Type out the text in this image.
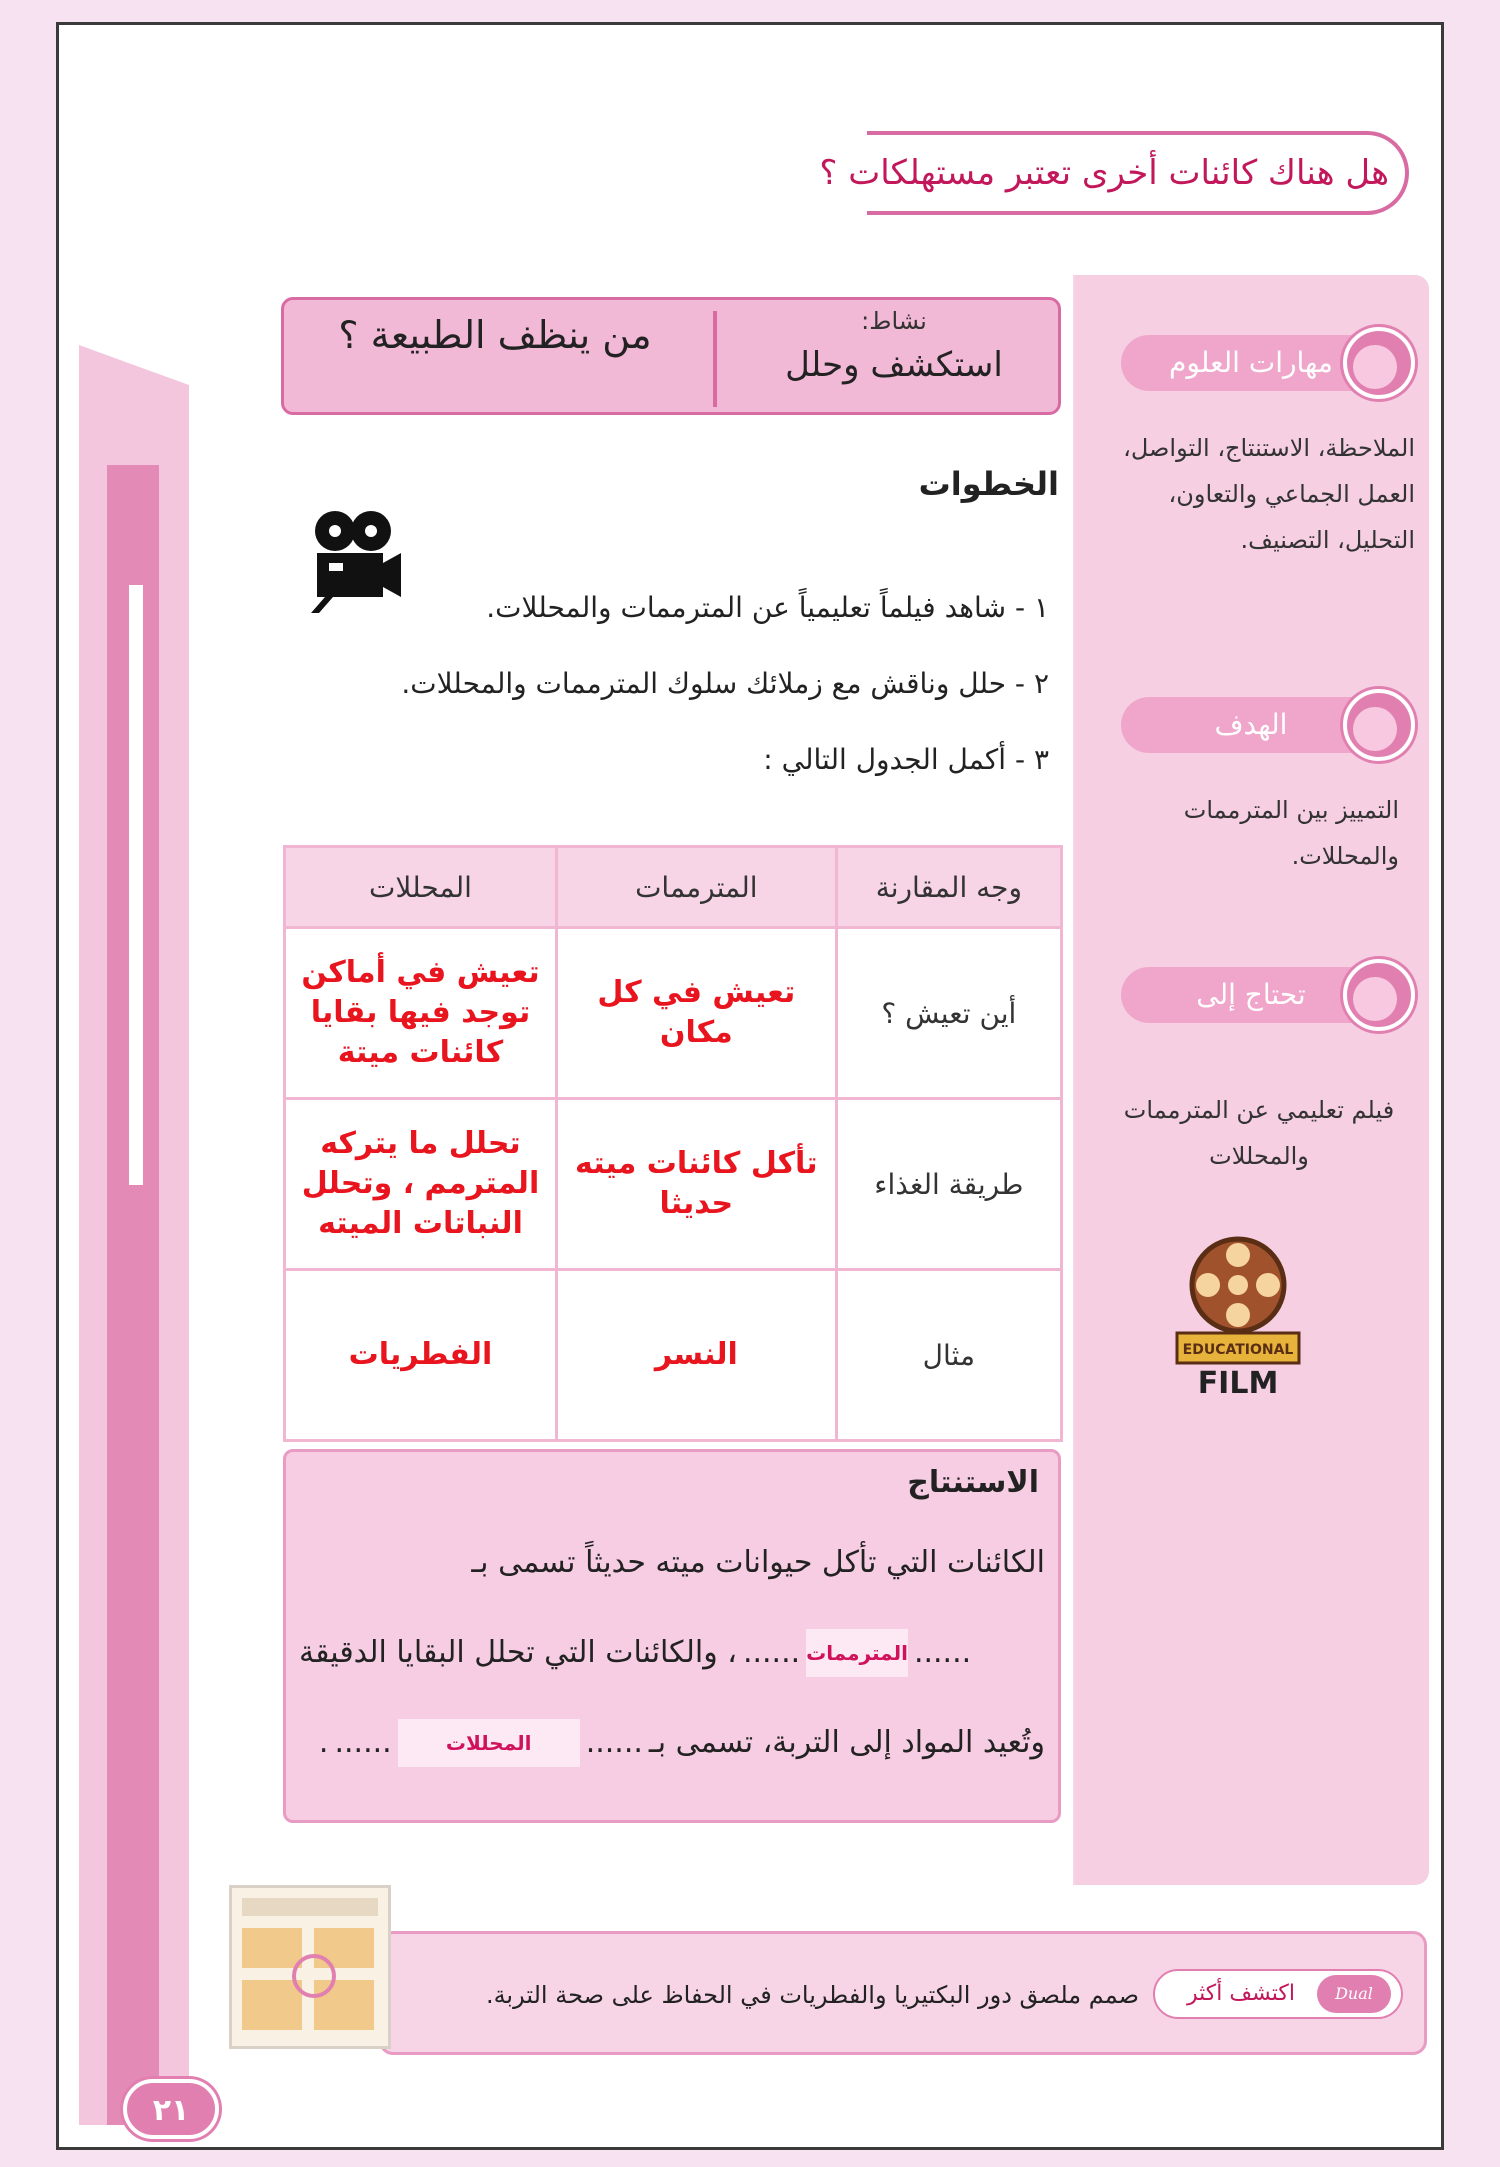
هل هناك كائنات أخرى تعتبر مستهلكات ؟
نشاط:
استكشف وحلل
من ينظف الطبيعة ؟
الخطوات
١ - شاهد فيلماً تعليمياً عن المترممات والمحللات.
٢ - حلل وناقش مع زملائك سلوك المترممات والمحللات.
٣ - أكمل الجدول التالي :
وجه المقارنة	المترممات	المحللات
أين تعيش ؟	تعيش في كل مكان	تعيش في أماكن توجد فيها بقايا كائنات ميتة
طريقة الغذاء	تأكل كائنات ميته حديثا	تحلل ما يتركه المترمم ، وتحلل النباتات الميته
مثال	النسر	الفطريات
الاستنتاج
الكائنات التي تأكل حيوانات ميته حديثاً تسمى بـ
......
المترممات
......
، والكائنات التي تحلل البقايا الدقيقة
وتُعيد المواد إلى التربة، تسمى بـ
......
المحللات
......
.
مهارات العلوم
الملاحظة، الاستنتاج، التواصل، العمل الجماعي والتعاون، التحليل، التصنيف.
الهدف
التمييز بين المترممات والمحللات.
تحتاج إلى
فيلم تعليمي عن المترممات والمحللات
EDUCATIONAL
FILM
Dual
اكتشف أكثر
صمم ملصق دور البكتيريا والفطريات في الحفاظ على صحة التربة.
٢١
